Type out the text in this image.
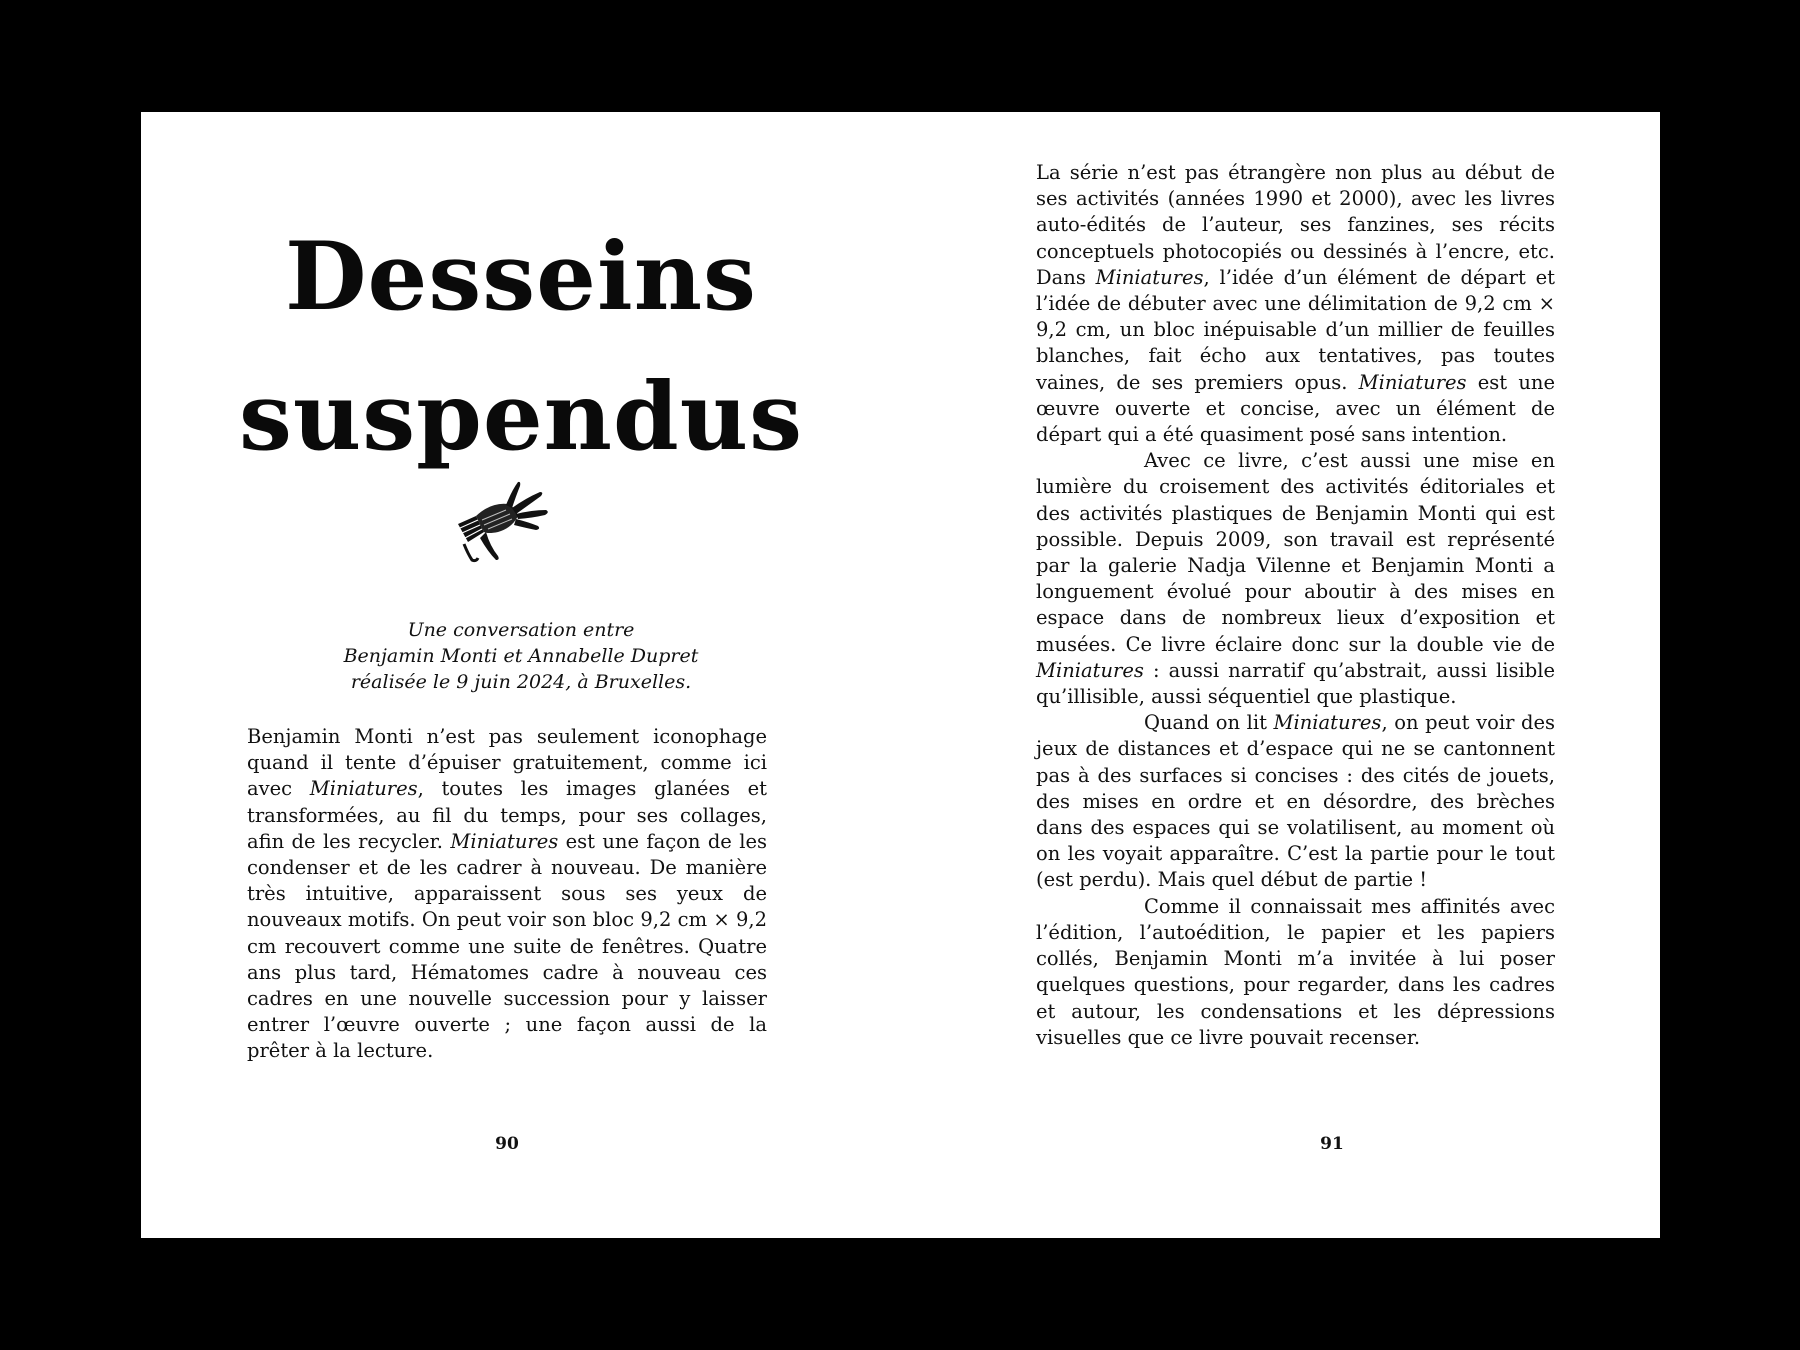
Desseins
suspendus
Une conversation entre
Benjamin Monti et Annabelle Dupret
réalisée le 9 juin 2024, à Bruxelles.

Benjamin Monti n’est pas seulement iconophage quand il tente d’épuiser gratuitement, comme ici avec Miniatures, toutes les images glanées et transformées, au fil du temps, pour ses collages, afin de les recycler. Miniatures est une façon de les condenser et de les cadrer à nouveau. De manière très intuitive, apparaissent sous ses yeux de nouveaux motifs. On peut voir son bloc 9,2 cm × 9,2 cm recouvert comme une suite de fenêtres. Quatre ans plus tard, Hématomes cadre à nouveau ces cadres en une nouvelle succession pour y laisser entrer l’œuvre ouverte ; une façon aussi de la prêter à la lecture.

90

La série n’est pas étrangère non plus au début de ses activités (années 1990 et 2000), avec les livres auto-édités de l’auteur, ses fanzines, ses récits conceptuels photocopiés ou dessinés à l’encre, etc. Dans Miniatures, l’idée d’un élément de départ et l’idée de débuter avec une délimitation de 9,2 cm × 9,2 cm, un bloc inépuisable d’un millier de feuilles blanches, fait écho aux tentatives, pas toutes vaines, de ses premiers opus. Miniatures est une œuvre ouverte et concise, avec un élément de départ qui a été quasiment posé sans intention.

Avec ce livre, c’est aussi une mise en lumière du croisement des activités éditoriales et des activités plastiques de Benjamin Monti qui est possible. Depuis 2009, son travail est représenté par la galerie Nadja Vilenne et Benjamin Monti a longuement évolué pour aboutir à des mises en espace dans de nombreux lieux d’exposition et musées. Ce livre éclaire donc sur la double vie de Miniatures : aussi narratif qu’abstrait, aussi lisible qu’illisible, aussi séquentiel que plastique.

Quand on lit Miniatures, on peut voir des jeux de distances et d’espace qui ne se cantonnent pas à des surfaces si concises : des cités de jouets, des mises en ordre et en désordre, des brèches dans des espaces qui se volatilisent, au moment où on les voyait apparaître. C’est la partie pour le tout (est perdu). Mais quel début de partie !

Comme il connaissait mes affinités avec l’édition, l’autoédition, le papier et les papiers collés, Benjamin Monti m’a invitée à lui poser quelques questions, pour regarder, dans les cadres et autour, les condensations et les dépressions visuelles que ce livre pouvait recenser.

91
